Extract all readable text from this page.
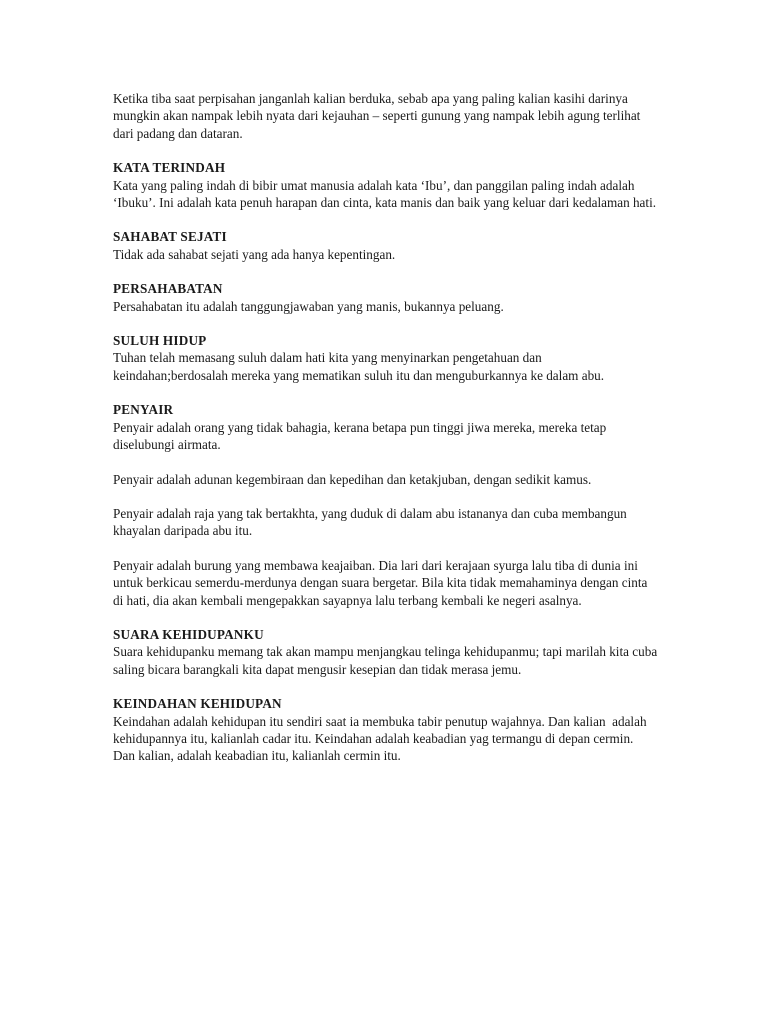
Ketika tiba saat perpisahan janganlah kalian berduka, sebab apa yang paling kalian kasihi darinya mungkin akan nampak lebih nyata dari kejauhan – seperti gunung yang nampak lebih agung terlihat dari padang dan dataran.

KATA TERINDAH

Kata yang paling indah di bibir umat manusia adalah kata ‘Ibu’, dan panggilan paling indah adalah ‘Ibuku’. Ini adalah kata penuh harapan dan cinta, kata manis dan baik yang keluar dari kedalaman hati.

SAHABAT SEJATI

Tidak ada sahabat sejati yang ada hanya kepentingan.

PERSAHABATAN

Persahabatan itu adalah tanggungjawaban yang manis, bukannya peluang.

SULUH HIDUP

Tuhan telah memasang suluh dalam hati kita yang menyinarkan pengetahuan dan keindahan;berdosalah mereka yang mematikan suluh itu dan menguburkannya ke dalam abu.

PENYAIR

Penyair adalah orang yang tidak bahagia, kerana betapa pun tinggi jiwa mereka, mereka tetap diselubungi airmata.

Penyair adalah adunan kegembiraan dan kepedihan dan ketakjuban, dengan sedikit kamus.

Penyair adalah raja yang tak bertakhta, yang duduk di dalam abu istananya dan cuba membangun khayalan daripada abu itu.

Penyair adalah burung yang membawa keajaiban. Dia lari dari kerajaan syurga lalu tiba di dunia ini untuk berkicau semerdu-merdunya dengan suara bergetar. Bila kita tidak memahaminya dengan cinta di hati, dia akan kembali mengepakkan sayapnya lalu terbang kembali ke negeri asalnya.

SUARA KEHIDUPANKU

Suara kehidupanku memang tak akan mampu menjangkau telinga kehidupanmu; tapi marilah kita cuba saling bicara barangkali kita dapat mengusir kesepian dan tidak merasa jemu.

KEINDAHAN KEHIDUPAN

Keindahan adalah kehidupan itu sendiri saat ia membuka tabir penutup wajahnya. Dan kalian  adalah kehidupannya itu, kalianlah cadar itu. Keindahan adalah keabadian yag termangu di depan cermin. Dan kalian, adalah keabadian itu, kalianlah cermin itu.
